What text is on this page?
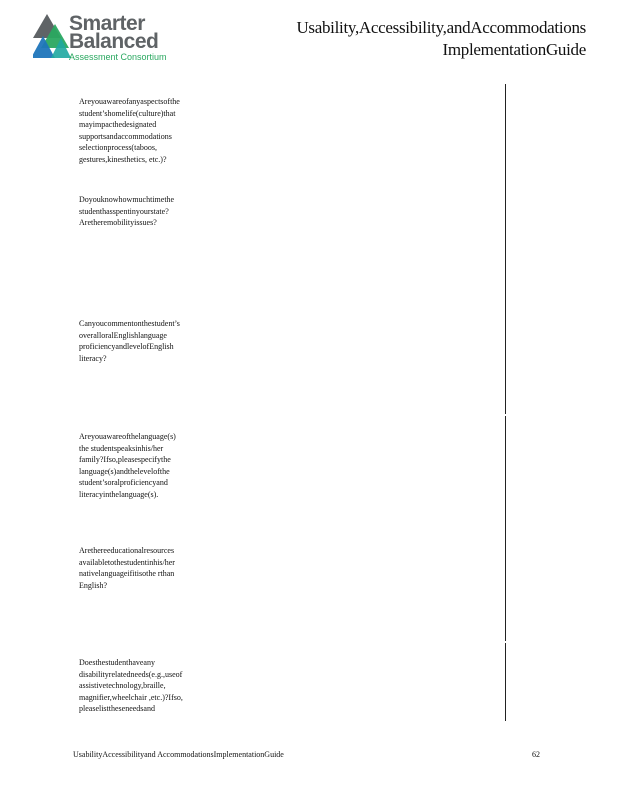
Smarter
Balanced
Assessment Consortium
Usability,Accessibility,andAccommodations
ImplementationGuide
Areyouawareofanyaspectsofthe
student’shomelife(culture)that
mayimpacthedesignated
supportsandaccommodations
selectionprocess(taboos,
gestures,kinesthetics, etc.)?
Doyouknowhowmuchtimethe
studenthasspentinyourstate?
Aretheremobilityissues?
Canyoucommentonthestudent’s
overalloralEnglishlanguage
proficiencyandlevelofEnglish
literacy?
Areyouawareofthelanguage(s)
the studentspeaksinhis/her
family?Ifso,pleasespecifythe
language(s)andthelevelofthe
student’soralproficiencyand
literacyinthelanguage(s).
Arethereeducationalresources
availabletothestudentinhis/her
nativelanguageifitisothe rthan
English?
Doesthestudenthaveany
disabilityrelatedneeds(e.g.,useof
assistivetechnology,braille,
magnifier,wheelchair ,etc.)?Ifso,
pleaselisttheseneedsand
UsabilityAccessibilityand AccommodationsImplementationGuide	62
